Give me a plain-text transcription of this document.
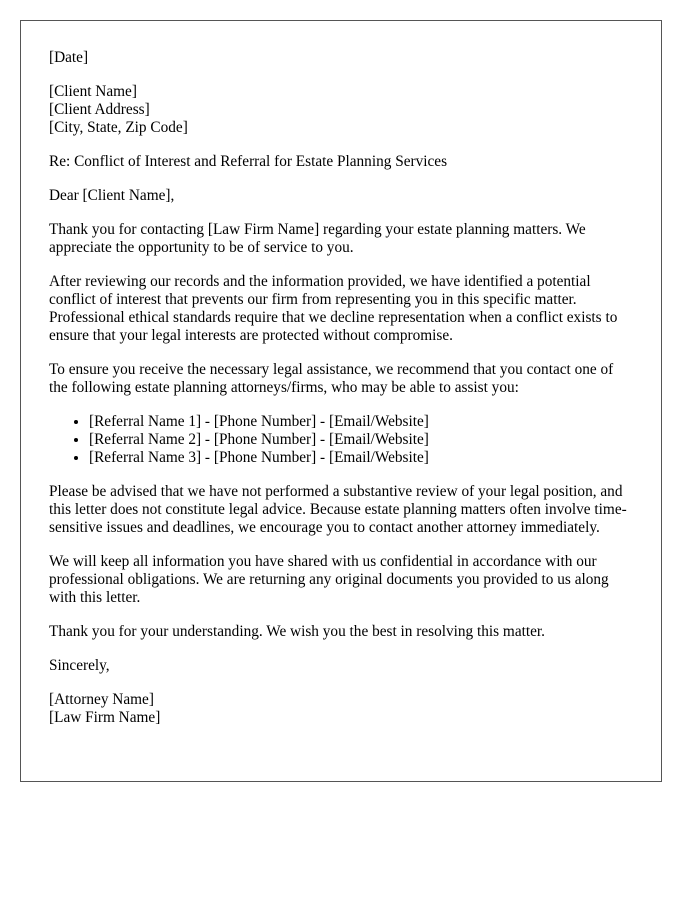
[Date]

[Client Name]
[Client Address]
[City, State, Zip Code]

Re: Conflict of Interest and Referral for Estate Planning Services

Dear [Client Name],

Thank you for contacting [Law Firm Name] regarding your estate planning matters. We appreciate the opportunity to be of service to you.

After reviewing our records and the information provided, we have identified a potential conflict of interest that prevents our firm from representing you in this specific matter. Professional ethical standards require that we decline representation when a conflict exists to ensure that your legal interests are protected without compromise.

To ensure you receive the necessary legal assistance, we recommend that you contact one of the following estate planning attorneys/firms, who may be able to assist you:

• [Referral Name 1] - [Phone Number] - [Email/Website]
• [Referral Name 2] - [Phone Number] - [Email/Website]
• [Referral Name 3] - [Phone Number] - [Email/Website]

Please be advised that we have not performed a substantive review of your legal position, and this letter does not constitute legal advice. Because estate planning matters often involve time-sensitive issues and deadlines, we encourage you to contact another attorney immediately.

We will keep all information you have shared with us confidential in accordance with our professional obligations. We are returning any original documents you provided to us along with this letter.

Thank you for your understanding. We wish you the best in resolving this matter.

Sincerely,

[Attorney Name]
[Law Firm Name]
